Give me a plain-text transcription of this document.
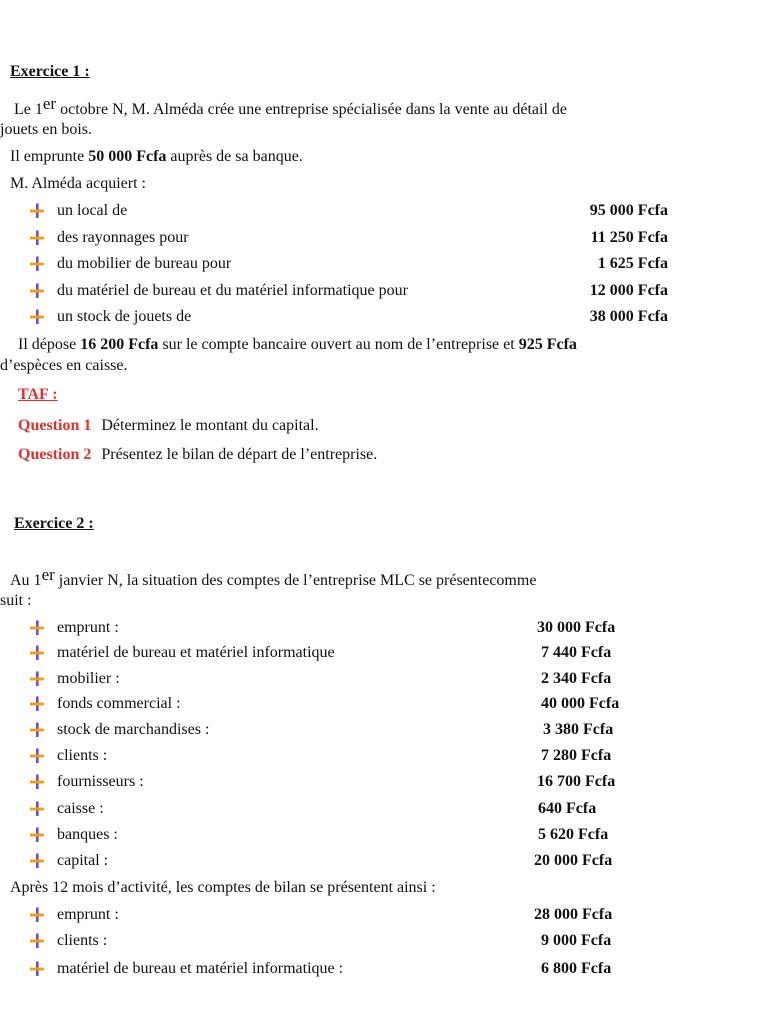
Exercice 1 :
Le 1er octobre N, M. Alméda crée une entreprise spécialisée dans la vente au détail de
jouets en bois.
Il emprunte 50 000 Fcfa auprès de sa banque.
M. Alméda acquiert :
un local de	95 000 Fcfa
des rayonnages pour	11 250 Fcfa
du mobilier de bureau pour	1 625 Fcfa
du matériel de bureau et du matériel informatique pour	12 000 Fcfa
un stock de jouets de	38 000 Fcfa
Il dépose 16 200 Fcfa sur le compte bancaire ouvert au nom de l’entreprise et 925 Fcfa
d’espèces en caisse.
TAF :
Question 1 Déterminez le montant du capital.
Question 2 Présentez le bilan de départ de l’entreprise.
Exercice 2 :
Au 1er janvier N, la situation des comptes de l’entreprise MLC se présentecomme
suit :
emprunt :	30 000 Fcfa
matériel de bureau et matériel informatique	7 440 Fcfa
mobilier :	2 340 Fcfa
fonds commercial :	40 000 Fcfa
stock de marchandises :	3 380 Fcfa
clients :	7 280 Fcfa
fournisseurs :	16 700 Fcfa
caisse :	640 Fcfa
banques :	5 620 Fcfa
capital :	20 000 Fcfa
Après 12 mois d’activité, les comptes de bilan se présentent ainsi :
emprunt :	28 000 Fcfa
clients :	9 000 Fcfa
matériel de bureau et matériel informatique :	6 800 Fcfa
